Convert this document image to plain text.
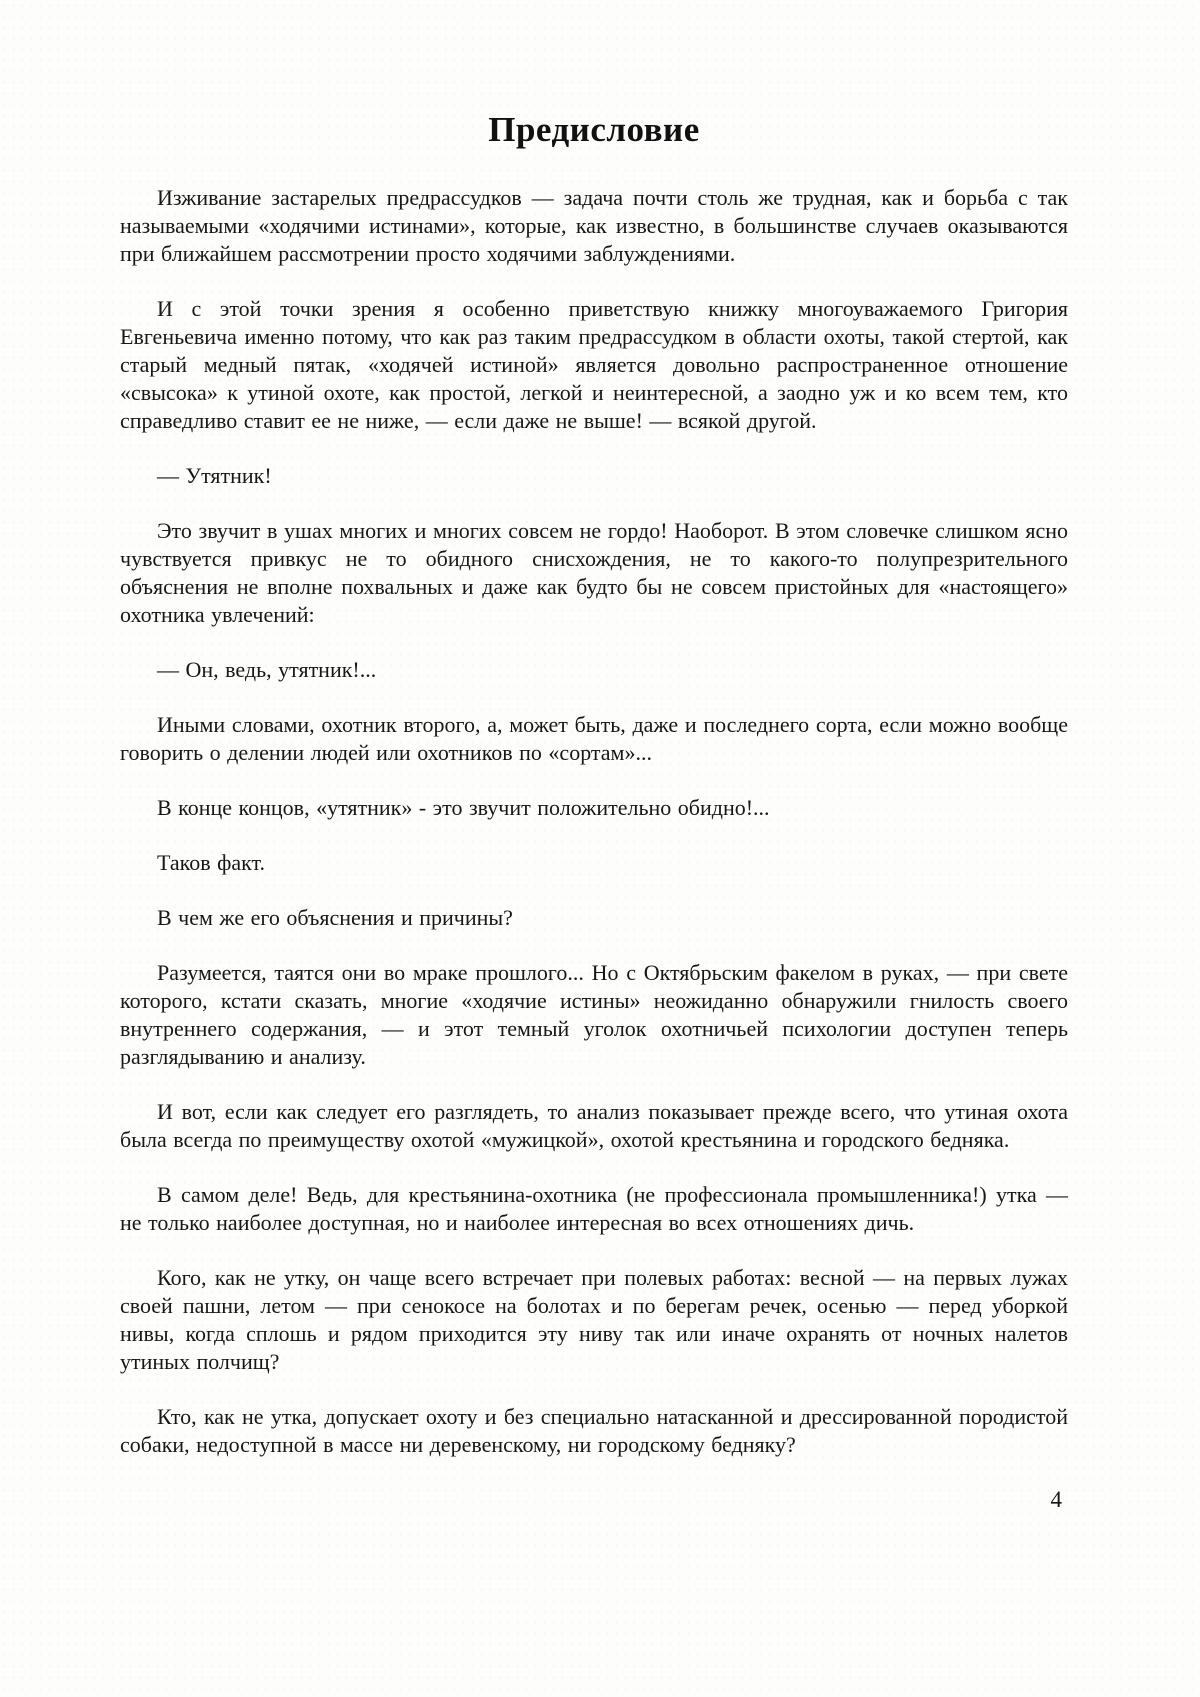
Предисловие

Изживание застарелых предрассудков — задача почти столь же трудная, как и борьба с так называемыми «ходячими истинами», которые, как известно, в большинстве случаев оказываются при ближайшем рассмотрении просто ходячими заблуждениями.

И с этой точки зрения я особенно приветствую книжку многоуважаемого Григория Евгеньевича именно потому, что как раз таким предрассудком в области охоты, такой стертой, как старый медный пятак, «ходячей истиной» является довольно распространенное отношение «свысока» к утиной охоте, как простой, легкой и неинтересной, а заодно уж и ко всем тем, кто справедливо ставит ее не ниже, — если даже не выше! — всякой другой.

— Утятник!

Это звучит в ушах многих и многих совсем не гордо! Наоборот. В этом словечке слишком ясно чувствуется привкус не то обидного снисхождения, не то какого-то полупрезрительного объяснения не вполне похвальных и даже как будто бы не совсем пристойных для «настоящего» охотника увлечений:

— Он, ведь, утятник!...

Иными словами, охотник второго, а, может быть, даже и последнего сорта, если можно вообще говорить о делении людей или охотников по «сортам»...

В конце концов, «утятник» - это звучит положительно обидно!...

Таков факт.

В чем же его объяснения и причины?

Разумеется, таятся они во мраке прошлого... Но с Октябрьским факелом в руках, — при свете которого, кстати сказать, многие «ходячие истины» неожиданно обнаружили гнилость своего внутреннего содержания, — и этот темный уголок охотничьей психологии доступен теперь разглядыванию и анализу.

И вот, если как следует его разглядеть, то анализ показывает прежде всего, что утиная охота была всегда по преимуществу охотой «мужицкой», охотой крестьянина и городского бедняка.

В самом деле! Ведь, для крестьянина-охотника (не профессионала промышленника!) утка — не только наиболее доступная, но и наиболее интересная во всех отношениях дичь.

Кого, как не утку, он чаще всего встречает при полевых работах: весной — на первых лужах своей пашни, летом — при сенокосе на болотах и по берегам речек, осенью — перед уборкой нивы, когда сплошь и рядом приходится эту ниву так или иначе охранять от ночных налетов утиных полчищ?

Кто, как не утка, допускает охоту и без специально натасканной и дрессированной породистой собаки, недоступной в массе ни деревенскому, ни городскому бедняку?

4
